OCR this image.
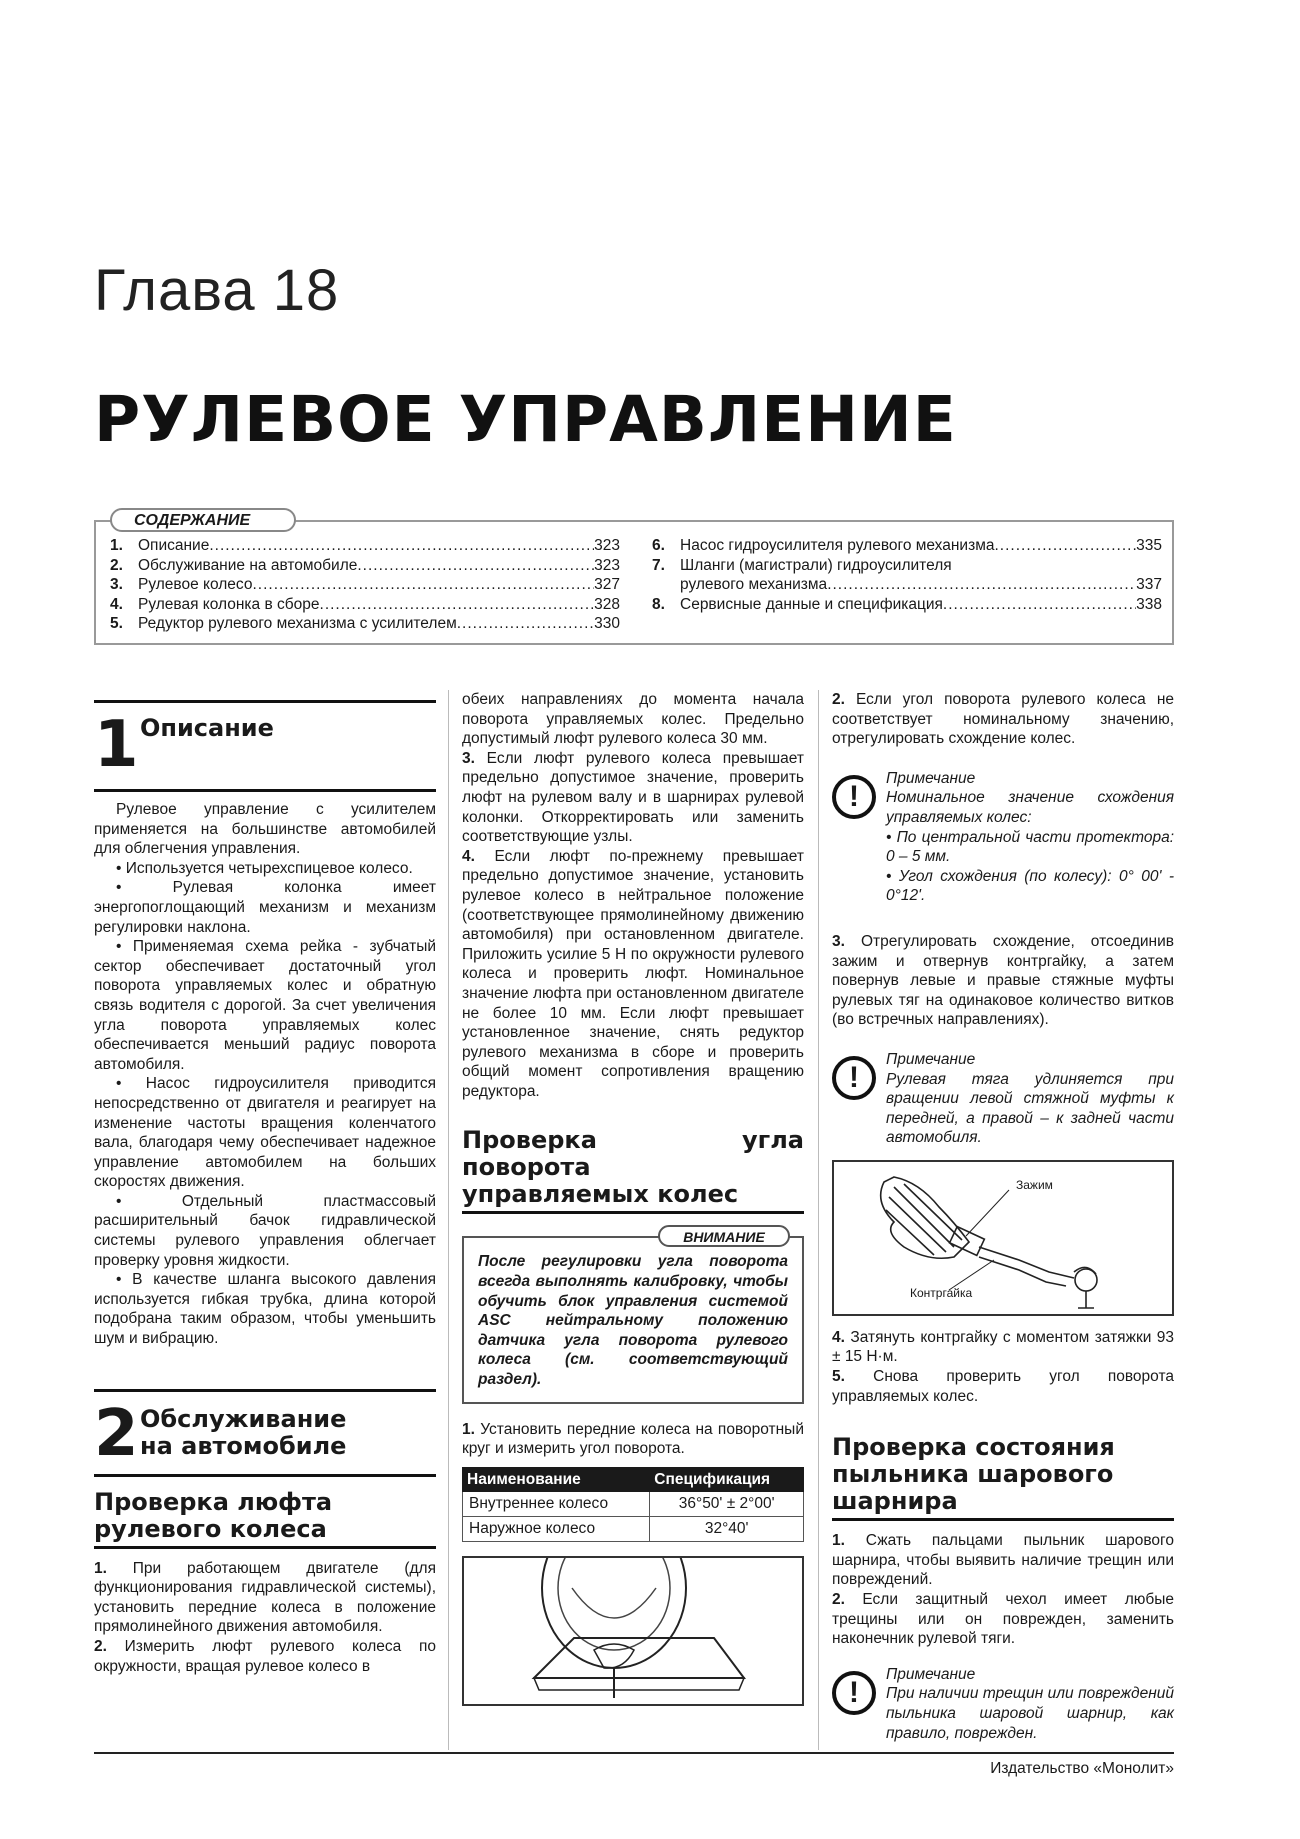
Глава 18
РУЛЕВОЕ УПРАВЛЕНИЕ
СОДЕРЖАНИЕ
1. Описание .....	323
2. Обслуживание на автомобиле .....	323
3. Рулевое колесо .....	327
4. Рулевая колонка в сборе .....	328
5. Редуктор рулевого механизма с усилителем .....	330
6. Насос гидроусилителя рулевого механизма .....	335
7. Шланги (магистрали) гидроусилителя
рулевого механизма .....	337
8. Сервисные данные и спецификация .....	338
1 Описание

Рулевое управление с усилителем применяется на большинстве автомобилей для облегчения управления.

• Используется четырехспицевое колесо.

• Рулевая колонка имеет энергопоглощающий механизм и механизм регулировки наклона.

• Применяемая схема рейка - зубчатый сектор обеспечивает достаточный угол поворота управляемых колес и обратную связь водителя с дорогой. За счет увеличения угла поворота управляемых колес обеспечивается меньший радиус поворота автомобиля.

• Насос гидроусилителя приводится непосредственно от двигателя и реагирует на изменение частоты вращения коленчатого вала, благодаря чему обеспечивает надежное управление автомобилем на больших скоростях движения.

• Отдельный пластмассовый расширительный бачок гидравлической системы рулевого управления облегчает проверку уровня жидкости.

• В качестве шланга высокого давления используется гибкая трубка, длина которой подобрана таким образом, чтобы уменьшить шум и вибрацию.

2 Обслуживание
на автомобиле
Проверка люфта
рулевого колеса

1. При работающем двигателе (для функционирования гидравлической системы), установить передние колеса в положение прямолинейного движения автомобиля.

2. Измерить люфт рулевого колеса по окружности, вращая рулевое колесо в

обеих направлениях до момента начала поворота управляемых колес. Предельно допустимый люфт рулевого колеса 30 мм.

3. Если люфт рулевого колеса превышает предельно допустимое значение, проверить люфт на рулевом валу и в шарнирах рулевой колонки. Откорректировать или заменить соответствующие узлы.

4. Если люфт по-прежнему превышает предельно допустимое значение, установить рулевое колесо в нейтральное положение (соответствующее прямолинейному движению автомобиля) при остановленном двигателе. Приложить усилие 5 Н по окружности рулевого колеса и проверить люфт. Номинальное значение люфта при остановленном двигателе не более 10 мм. Если люфт превышает установленное значение, снять редуктор рулевого механизма в сборе и проверить общий момент сопротивления вращению редуктора.

Проверка угла поворота
управляемых колес
ВНИМАНИЕ
После регулировки угла поворота всегда выполнять калибровку, чтобы обучить блок управления системой ASC нейтральному положению датчика угла поворота рулевого колеса (см. соответствующий раздел).

1. Установить передние колеса на поворотный круг и измерить угол поворота.

Наименование	Спецификация
Внутреннее колесо	36°50' ± 2°00'
Наружное колесо	32°40'

2. Если угол поворота рулевого колеса не соответствует номинальному значению, отрегулировать схождение колес.

!
Примечание
Номинальное значение схождения управляемых колес:
• По центральной части протектора: 0 – 5 мм.
• Угол схождения (по колесу): 0° 00' - 0°12'.

3. Отрегулировать схождение, отсоединив зажим и отвернув контргайку, а затем повернув левые и правые стяжные муфты рулевых тяг на одинаковое количество витков (во встречных направлениях).

!
Примечание
Рулевая тяга удлиняется при вращении левой стяжной муфты к передней, а правой – к задней части автомобиля.
Зажим
Контргайка

4. Затянуть контргайку с моментом затяжки 93 ± 15 Н·м.

5. Снова проверить угол поворота управляемых колес.

Проверка состояния
пыльника шарового
шарнира

1. Сжать пальцами пыльник шарового шарнира, чтобы выявить наличие трещин или повреждений.

2. Если защитный чехол имеет любые трещины или он поврежден, заменить наконечник рулевой тяги.

!
Примечание
При наличии трещин или повреждений пыльника шаровой шарнир, как правило, поврежден.
Издательство «Монолит»
